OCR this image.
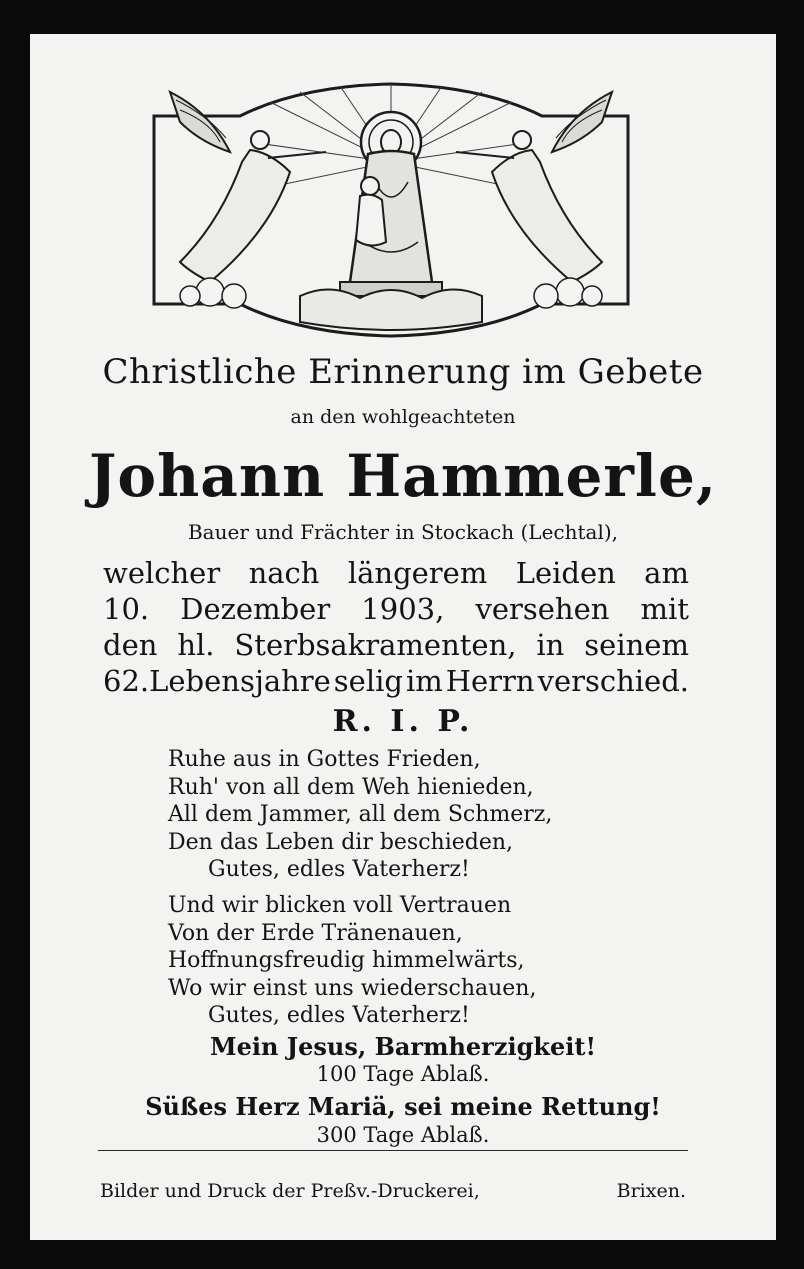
Christliche Erinnerung im Gebete
an den wohlgeachteten
Johann Hammerle,
Bauer und Frächter in Stockach (Lechtal),
welcher nach längerem Leiden am
10. Dezember 1903, versehen mit
den hl. Sterbsakramenten, in seinem
62.Lebensjahre selig im Herrn verschied.
R. I. P.
Ruhe aus in Gottes Frieden,
Ruh' von all dem Weh hienieden,
All dem Jammer, all dem Schmerz,
Den das Leben dir beschieden,
Gutes, edles Vaterherz!
Und wir blicken voll Vertrauen
Von der Erde Tränenauen,
Hoffnungsfreudig himmelwärts,
Wo wir einst uns wiederschauen,
Gutes, edles Vaterherz!
Mein Jesus, Barmherzigkeit!
100 Tage Ablaß.
Süßes Herz Mariä, sei meine Rettung!
300 Tage Ablaß.
Bilder und Druck der Preßv.-Druckerei,	Brixen.
